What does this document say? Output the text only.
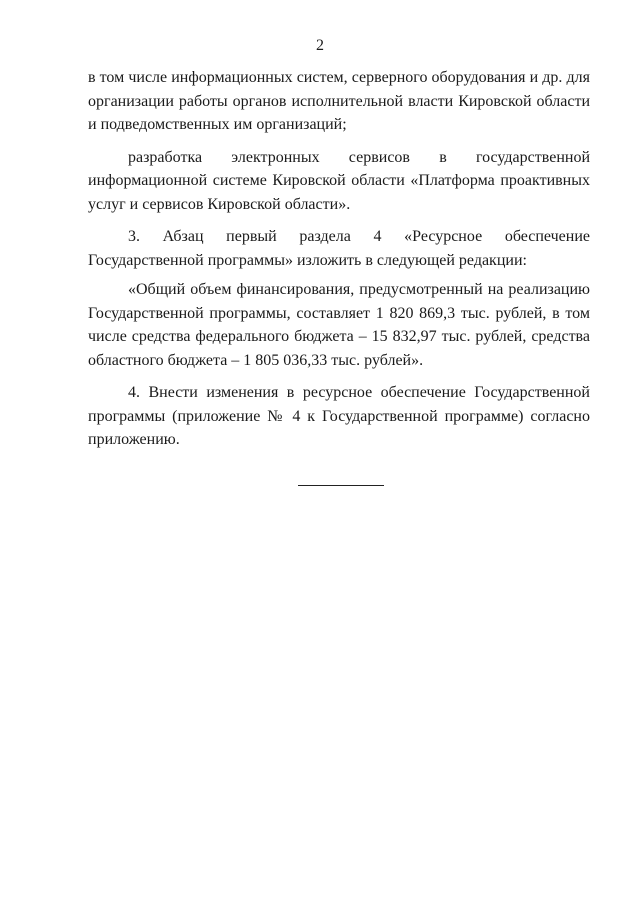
2

в том числе информационных систем, серверного оборудования и др. для организации работы органов исполнительной власти Кировской области и подведомственных им организаций;

разработка электронных сервисов в государственной информационной системе Кировской области «Платформа проактивных услуг и сервисов Кировской области».

3. Абзац первый раздела 4 «Ресурсное обеспечение Государственной программы» изложить в следующей редакции:

«Общий объем финансирования, предусмотренный на реализацию Государственной программы, составляет 1 820 869,3 тыс. рублей, в том числе средства федерального бюджета – 15 832,97 тыс. рублей, средства областного бюджета – 1 805 036,33 тыс. рублей».

4. Внести изменения в ресурсное обеспечение Государственной программы (приложение № 4 к Государственной программе) согласно приложению.
